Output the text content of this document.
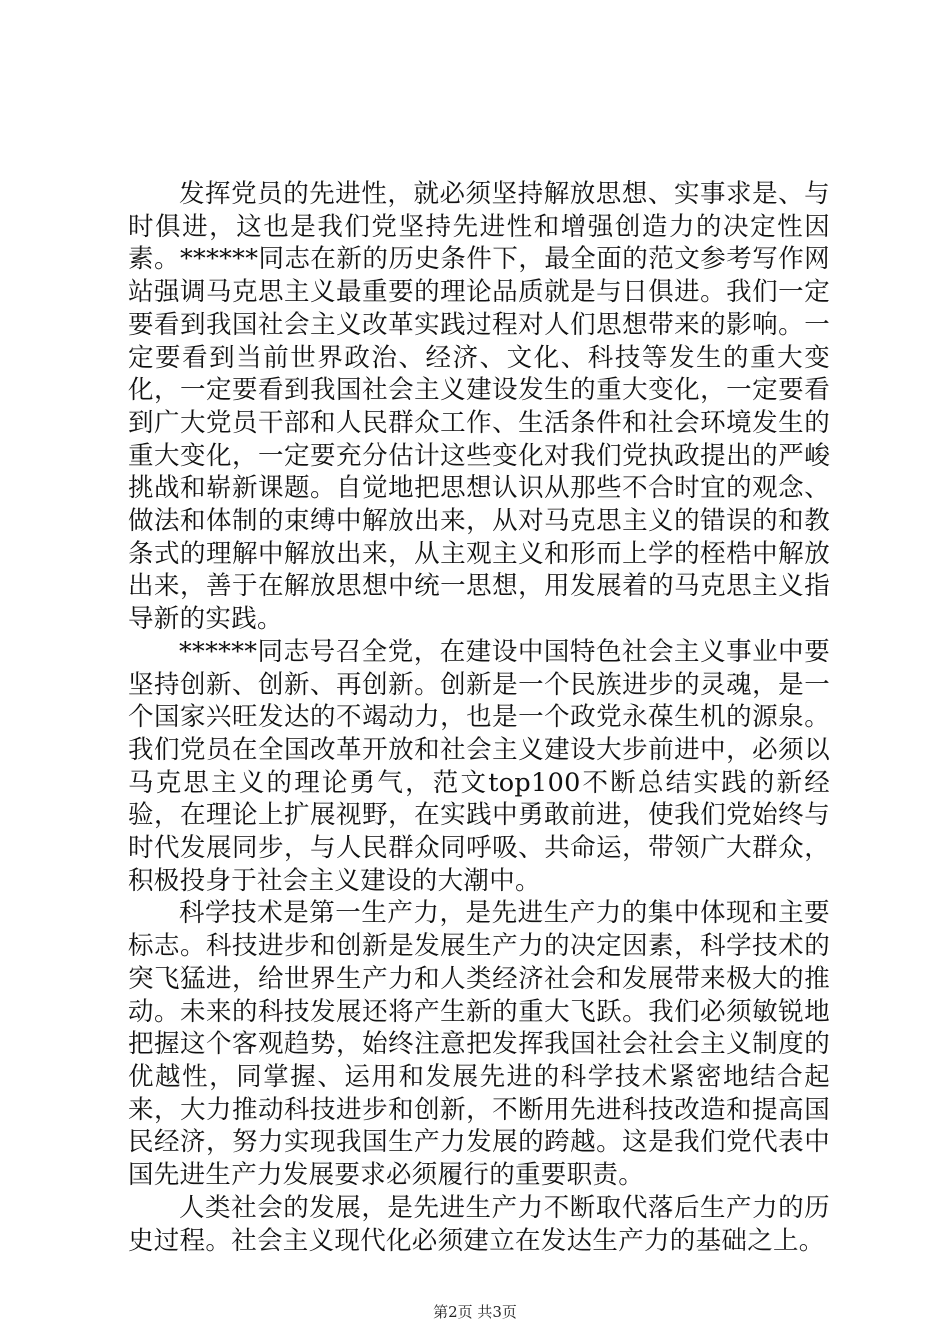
发挥党员的先进性，就必须坚持解放思想、实事求是、与时俱进，这也是我们党坚持先进性和增强创造力的决定性因素。******同志在新的历史条件下，最全面的范文参考写作网站强调马克思主义最重要的理论品质就是与日俱进。我们一定要看到我国社会主义改革实践过程对人们思想带来的影响。一定要看到当前世界政治、经济、文化、科技等发生的重大变化，一定要看到我国社会主义建设发生的重大变化，一定要看到广大党员干部和人民群众工作、生活条件和社会环境发生的重大变化，一定要充分估计这些变化对我们党执政提出的严峻挑战和崭新课题。自觉地把思想认识从那些不合时宜的观念、做法和体制的束缚中解放出来，从对马克思主义的错误的和教条式的理解中解放出来，从主观主义和形而上学的桎梏中解放出来，善于在解放思想中统一思想，用发展着的马克思主义指导新的实践。

******同志号召全党，在建设中国特色社会主义事业中要坚持创新、创新、再创新。创新是一个民族进步的灵魂，是一个国家兴旺发达的不竭动力，也是一个政党永葆生机的源泉。我们党员在全国改革开放和社会主义建设大步前进中，必须以马克思主义的理论勇气，范文top100不断总结实践的新经验，在理论上扩展视野，在实践中勇敢前进，使我们党始终与时代发展同步，与人民群众同呼吸、共命运，带领广大群众，积极投身于社会主义建设的大潮中。

科学技术是第一生产力，是先进生产力的集中体现和主要标志。科技进步和创新是发展生产力的决定因素，科学技术的突飞猛进，给世界生产力和人类经济社会和发展带来极大的推动。未来的科技发展还将产生新的重大飞跃。我们必须敏锐地把握这个客观趋势，始终注意把发挥我国社会社会主义制度的优越性，同掌握、运用和发展先进的科学技术紧密地结合起来，大力推动科技进步和创新，不断用先进科技改造和提高国民经济，努力实现我国生产力发展的跨越。这是我们党代表中国先进生产力发展要求必须履行的重要职责。

人类社会的发展，是先进生产力不断取代落后生产力的历史过程。社会主义现代化必须建立在发达生产力的基础之上。

第2页 共3页
